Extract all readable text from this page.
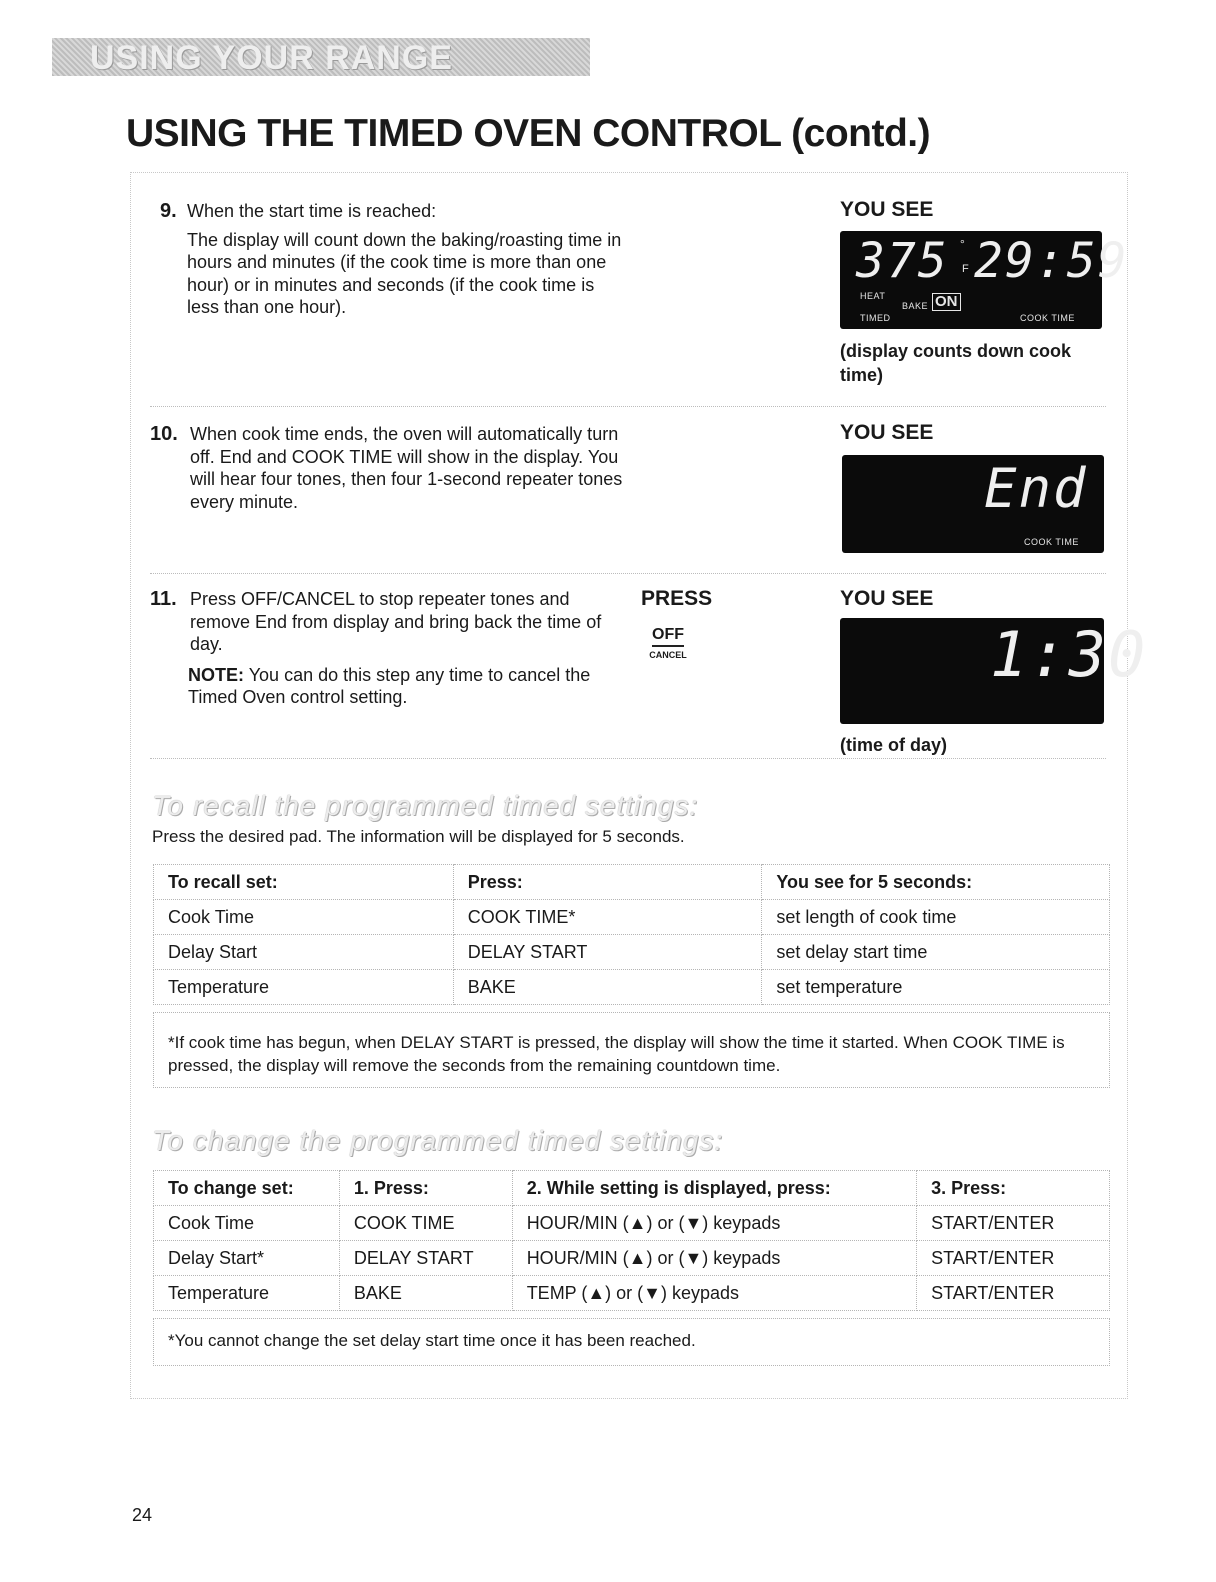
USING YOUR RANGE
USING THE TIMED OVEN CONTROL (contd.)
9. When the start time is reached:

The display will count down the baking/roasting time in hours and minutes (if the cook time is more than one hour) or in minutes and seconds (if the cook time is less than one hour).

YOU SEE
375 °
F 29:59
HEAT
BAKE ON
TIMED	COOK TIME
(display counts down cook time)
10. When cook time ends, the oven will automatically turn off. End and COOK TIME will show in the display. You will hear four tones, then four 1-second repeater tones every minute.

YOU SEE
End
COOK TIME
11. Press OFF/CANCEL to stop repeater tones and remove End from display and bring back the time of day.

NOTE: You can do this step any time to cancel the Timed Oven control setting.

PRESS
OFF
CANCEL
YOU SEE
1:30
(time of day)
To recall the programmed timed settings:
Press the desired pad. The information will be displayed for 5 seconds.
To recall set:	Press:	You see for 5 seconds:
Cook Time	COOK TIME*	set length of cook time
Delay Start	DELAY START	set delay start time
Temperature	BAKE	set temperature
*If cook time has begun, when DELAY START is pressed, the display will show the time it started. When COOK TIME is pressed, the display will remove the seconds from the remaining countdown time.
To change the programmed timed settings:
To change set:	1. Press:	2. While setting is displayed, press:	3. Press:
Cook Time	COOK TIME	HOUR/MIN (▲) or (▼) keypads	START/ENTER
Delay Start*	DELAY START	HOUR/MIN (▲) or (▼) keypads	START/ENTER
Temperature	BAKE	TEMP (▲) or (▼) keypads	START/ENTER
*You cannot change the set delay start time once it has been reached.
24
